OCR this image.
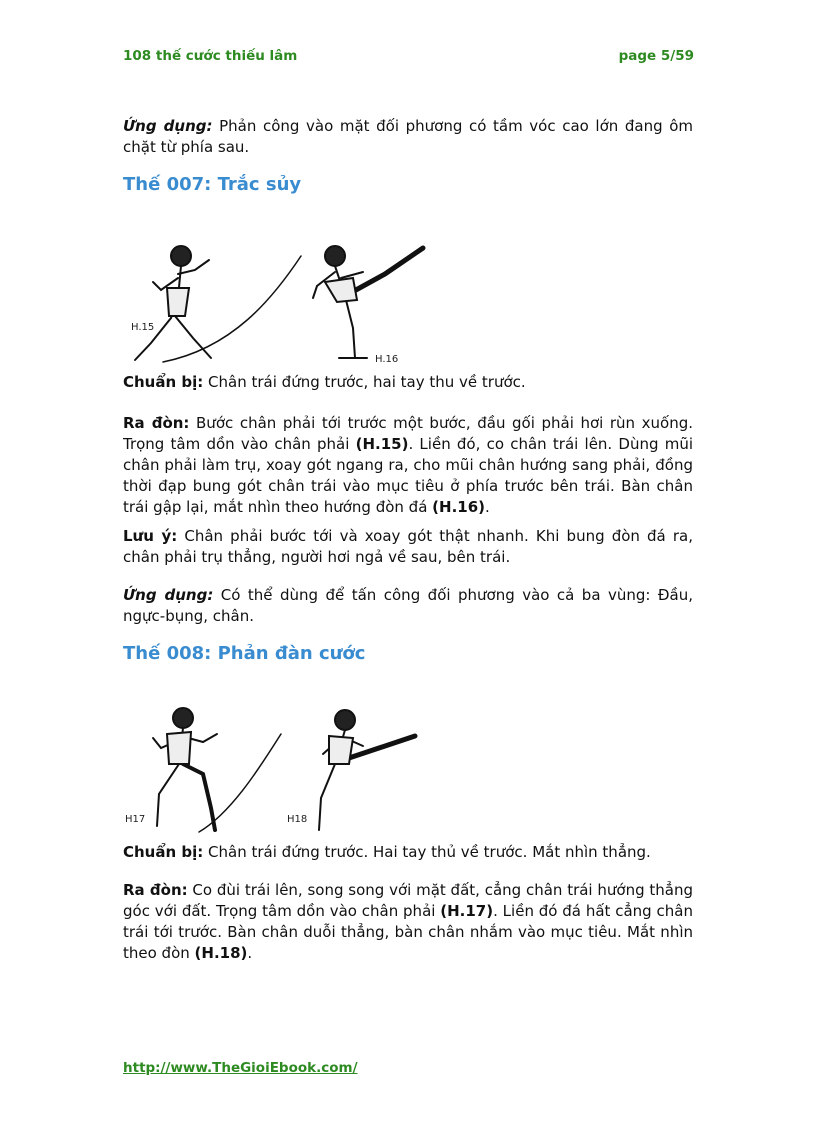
108 thế cước thiếu lâm	page 5/59

Ứng dụng: Phản công vào mặt đối phương có tầm vóc cao lớn đang ôm chặt từ phía sau.

Thế 007: Trắc sủy
H.15
H.16

Chuẩn bị: Chân trái đứng trước, hai tay thu về trước.

Ra đòn: Bước chân phải tới trước một bước, đầu gối phải hơi rùn xuống. Trọng tâm dồn vào chân phải (H.15). Liền đó, co chân trái lên. Dùng mũi chân phải làm trụ, xoay gót ngang ra, cho mũi chân hướng sang phải, đồng thời đạp bung gót chân trái vào mục tiêu ở phía trước bên trái. Bàn chân trái gập lại, mắt nhìn theo hướng đòn đá (H.16).

Lưu ý: Chân phải bước tới và xoay gót thật nhanh. Khi bung đòn đá ra, chân phải trụ thẳng, người hơi ngả về sau, bên trái.

Ứng dụng: Có thể dùng để tấn công đối phương vào cả ba vùng: Đầu, ngực-bụng, chân.

Thế 008: Phản đàn cước
H17	H18

Chuẩn bị: Chân trái đứng trước. Hai tay thủ về trước. Mắt nhìn thẳng.

Ra đòn: Co đùi trái lên, song song với mặt đất, cẳng chân trái hướng thẳng góc với đất. Trọng tâm dồn vào chân phải (H.17). Liền đó đá hất cẳng chân trái tới trước. Bàn chân duỗi thẳng, bàn chân nhắm vào mục tiêu. Mắt nhìn theo đòn (H.18).

http://www.TheGioiEbook.com/
